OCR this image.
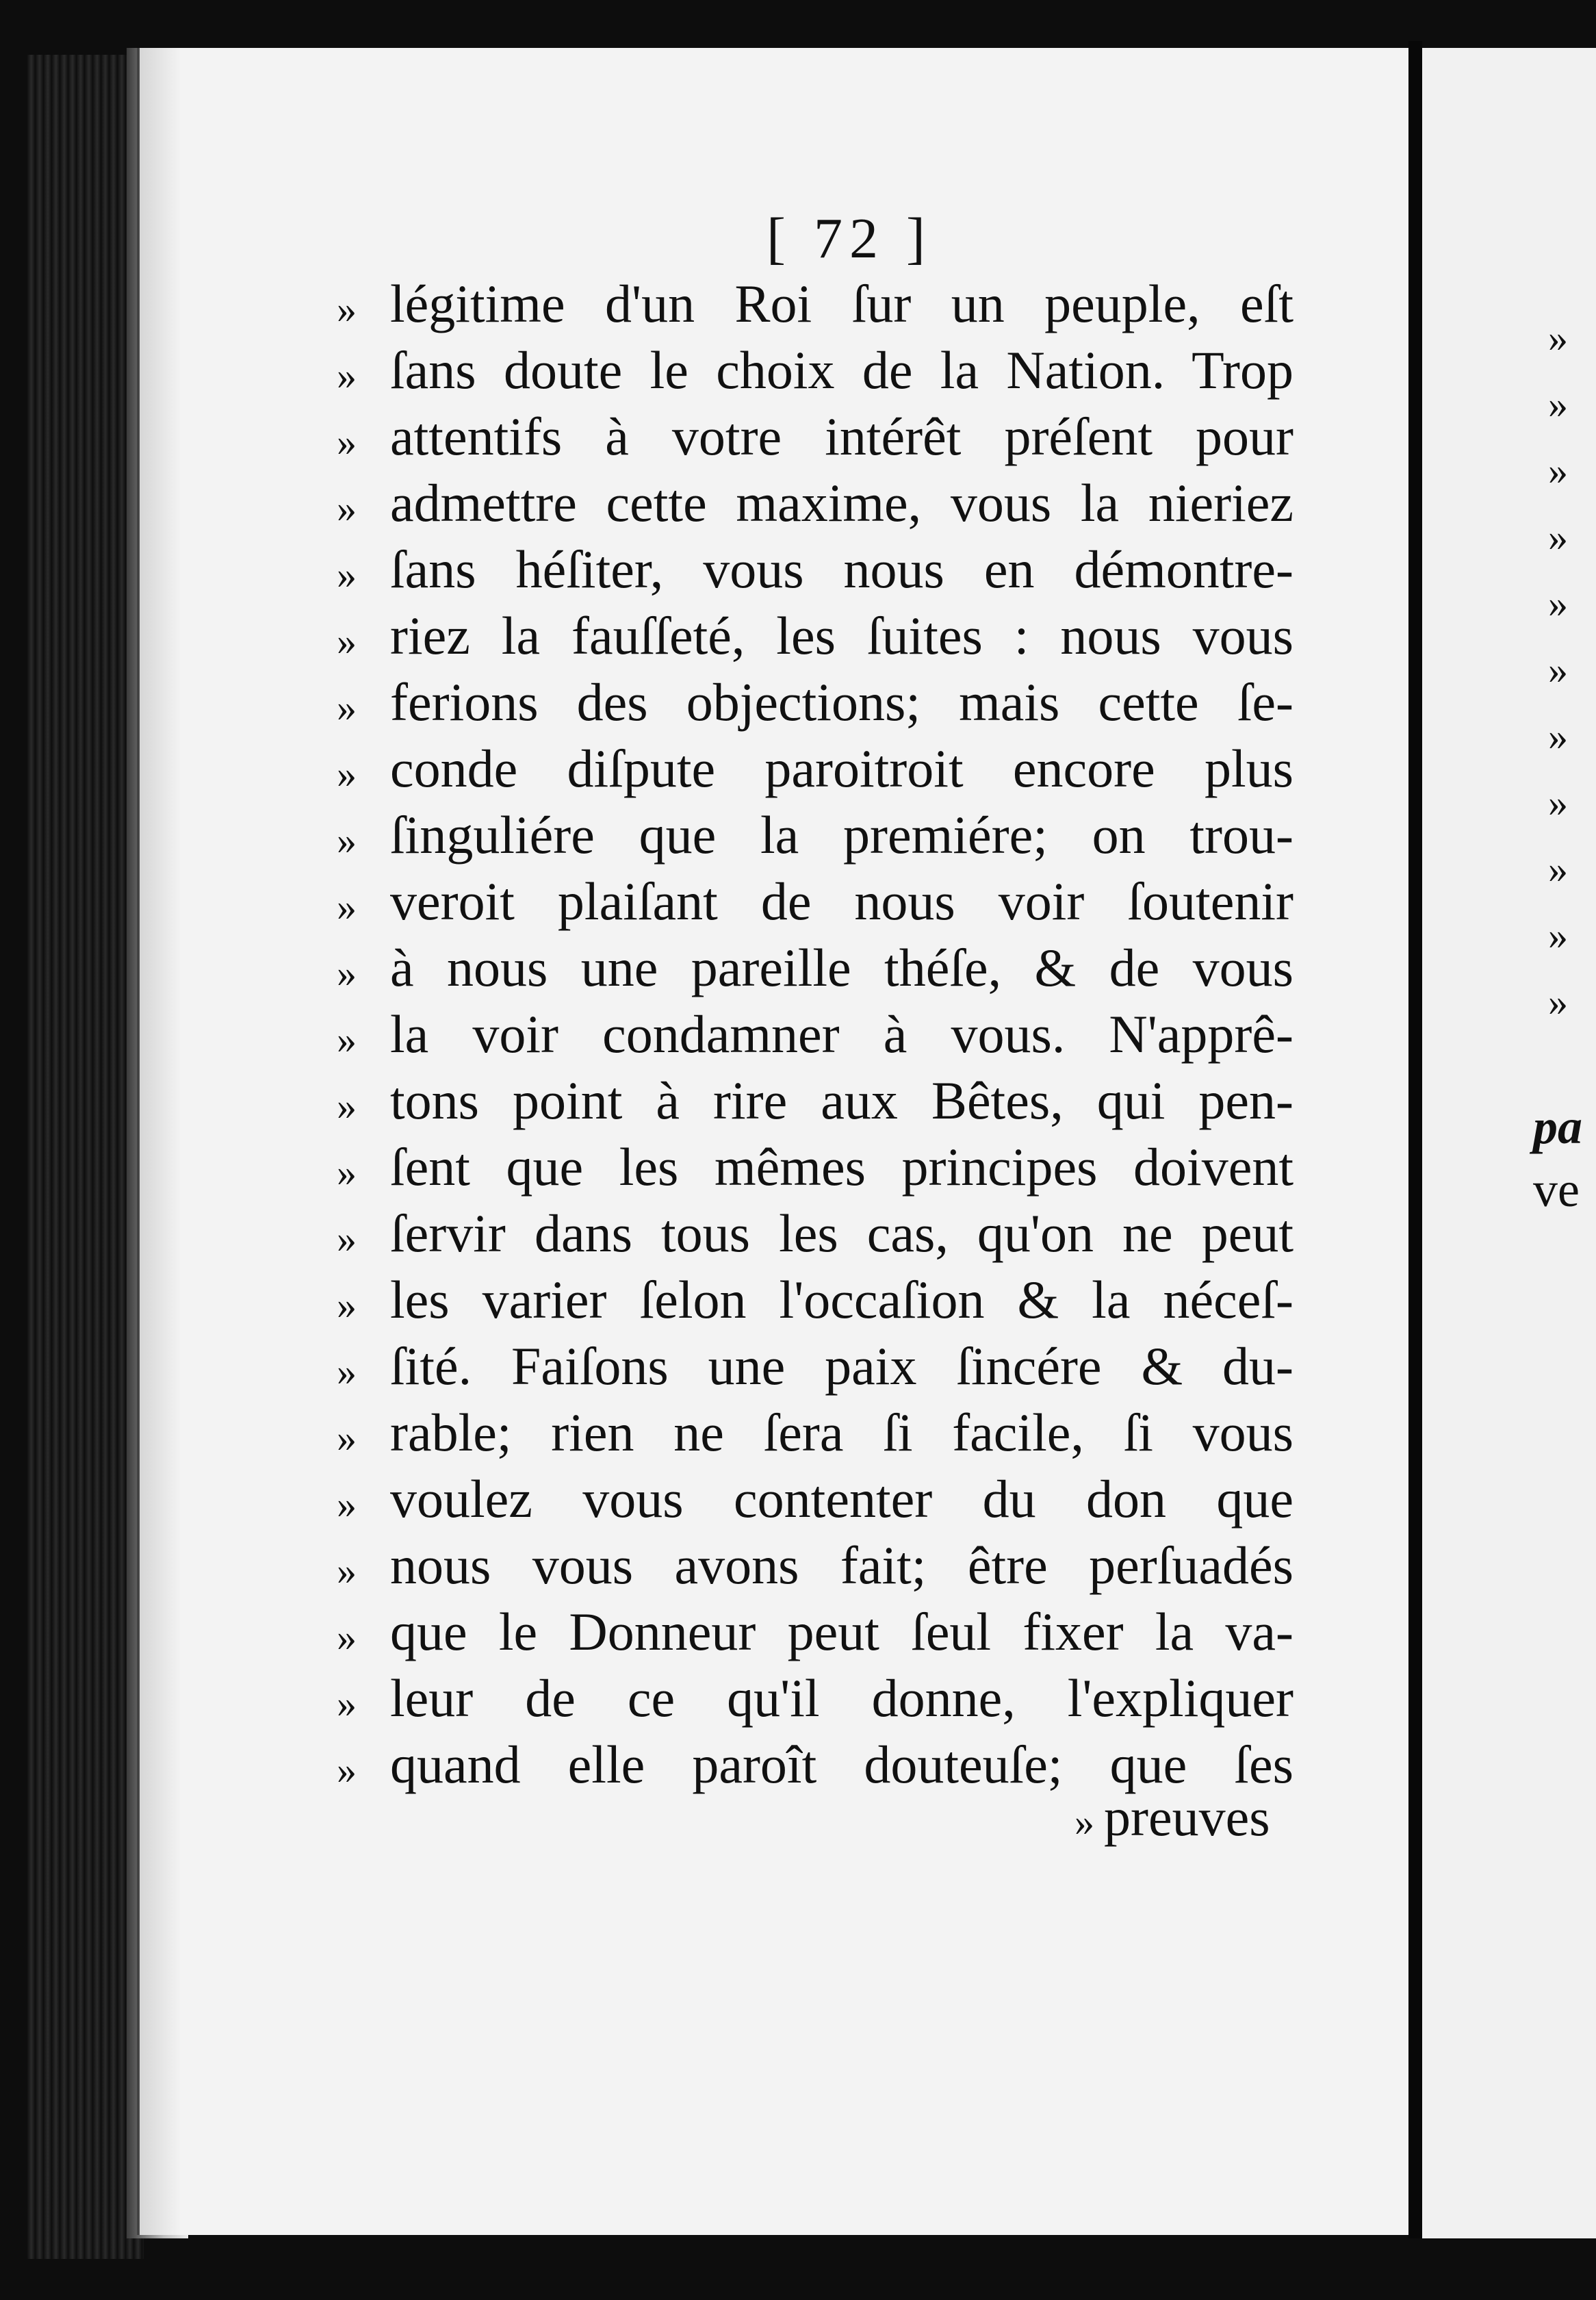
[ 72 ]
» légitime d'un Roi ſur un peuple, eſt
» ſans doute le choix de la Nation. Trop
» attentifs à votre intérêt préſent pour
» admettre cette maxime, vous la nieriez
» ſans héſiter, vous nous en démontre-
» riez la fauſſeté, les ſuites : nous vous
» ferions des objections; mais cette ſe-
» conde diſpute paroitroit encore plus
» ſinguliére que la premiére; on trou-
» veroit plaiſant de nous voir ſoutenir
» à nous une pareille théſe, & de vous
» la voir condamner à vous. N'apprê-
» tons point à rire aux Bêtes, qui pen-
» ſent que les mêmes principes doivent
» ſervir dans tous les cas, qu'on ne peut
» les varier ſelon l'occaſion & la néceſ-
» ſité. Faiſons une paix ſincére & du-
» rable; rien ne ſera ſi facile, ſi vous
» voulez vous contenter du don que
» nous vous avons fait; être perſuadés
» que le Donneur peut ſeul fixer la va-
» leur de ce qu'il donne, l'expliquer
» quand elle paroît douteuſe; que ſes
» preuves
»
»
»
»
»
»
»
»
»
»
»
pa
ve
